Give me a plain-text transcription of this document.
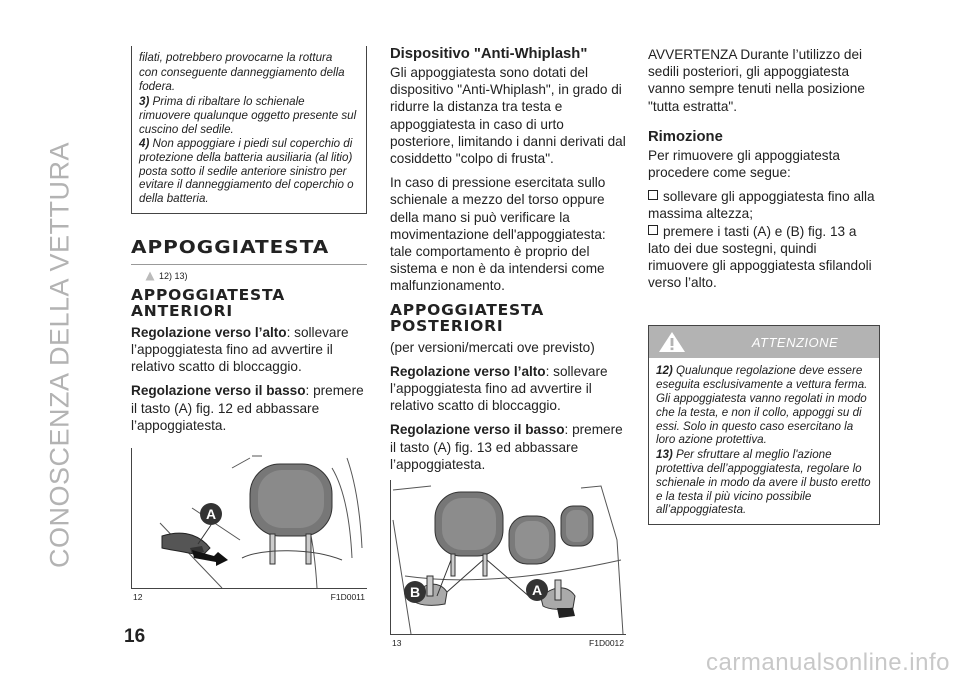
CONOSCENZA DELLA VETTURA
16
carmanualsonline.info

filati, potrebbero provocarne la rottura

con conseguente danneggiamento della

fodera.

3) Prima di ribaltare lo schienale rimuovere qualunque oggetto presente sul cuscino del sedile.

4) Non appoggiare i piedi sul coperchio di protezione della batteria ausiliaria (al litio) posta sotto il sedile anteriore sinistro per evitare il danneggiamento del coperchio o della batteria.

APPOGGIATESTA
12) 13)
APPOGGIATESTA ANTERIORI

Regolazione verso l’alto: sollevare l’appoggiatesta fino ad avvertire il relativo scatto di bloccaggio.

Regolazione verso il basso: premere il tasto (A) fig. 12 ed abbassare l’appoggiatesta.

A
12	F1D0011
Dispositivo "Anti-Whiplash"

Gli appoggiatesta sono dotati del dispositivo "Anti-Whiplash", in grado di ridurre la distanza tra testa e appoggiatesta in caso di urto posteriore, limitando i danni derivati dal cosiddetto "colpo di frusta".

In caso di pressione esercitata sullo schienale a mezzo del torso oppure della mano si può verificare la movimentazione dell'appoggiatesta: tale comportamento è proprio del sistema e non è da intendersi come malfunzionamento.

APPOGGIATESTA POSTERIORI

(per versioni/mercati ove previsto)

Regolazione verso l’alto: sollevare l’appoggiatesta fino ad avvertire il relativo scatto di bloccaggio.

Regolazione verso il basso: premere il tasto (A) fig. 13 ed abbassare l’appoggiatesta.

B	A
13	F1D0012

AVVERTENZA Durante l’utilizzo dei sedili posteriori, gli appoggiatesta vanno sempre tenuti nella posizione "tutta estratta".

Rimozione

Per rimuovere gli appoggiatesta procedere come segue:

sollevare gli appoggiatesta fino alla massima altezza;

premere i tasti (A) e (B) fig. 13 a lato dei due sostegni, quindi rimuovere gli appoggiatesta sfilandoli verso l’alto.

ATTENZIONE

12) Qualunque regolazione deve essere eseguita esclusivamente a vettura ferma. Gli appoggiatesta vanno regolati in modo che la testa, e non il collo, appoggi su di essi. Solo in questo caso esercitano la loro azione protettiva.

13) Per sfruttare al meglio l'azione protettiva dell’appoggiatesta, regolare lo schienale in modo da avere il busto eretto e la testa il più vicino possibile all’appoggiatesta.
